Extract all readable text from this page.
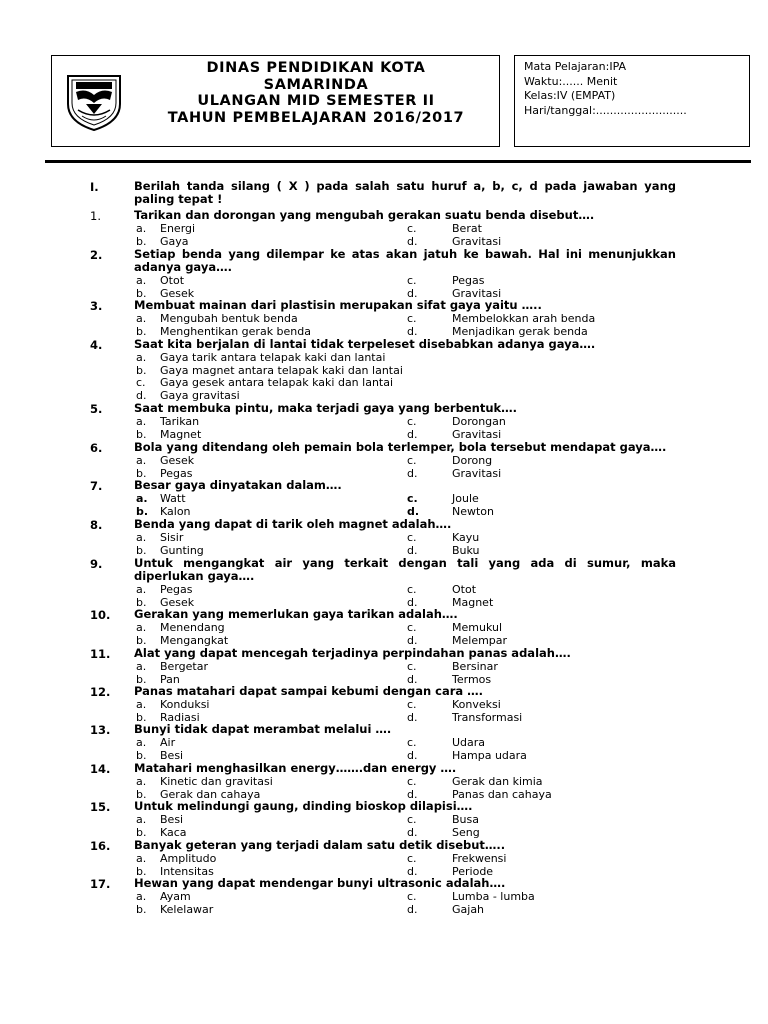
DINAS PENDIDIKAN KOTA
SAMARINDA
ULANGAN MID SEMESTER II
TAHUN PEMBELAJARAN 2016/2017
Mata Pelajaran:IPA
Waktu:...... Menit
Kelas:IV (EMPAT)
Hari/tanggal:..........................
I.	Berilah tanda silang ( X ) pada salah satu huruf a, b, c, d pada jawaban yang paling tepat !
1.	Tarikan dan dorongan yang mengubah gerakan suatu benda disebut….
a. Energi	c.	Berat
b. Gaya	d.	Gravitasi
2.	Setiap benda yang dilempar ke atas akan jatuh ke bawah. Hal ini menunjukkan adanya gaya….
a. Otot	c.	Pegas
b. Gesek	d.	Gravitasi
3.	Membuat mainan dari plastisin merupakan sifat gaya yaitu …..
a. Mengubah bentuk benda	c.	Membelokkan arah benda
b. Menghentikan gerak benda	d.	Menjadikan gerak benda
4.	Saat kita berjalan di lantai tidak terpeleset disebabkan adanya gaya….
a. Gaya tarik antara telapak kaki dan lantai
b. Gaya magnet antara telapak kaki dan lantai
c. Gaya gesek antara telapak kaki dan lantai
d. Gaya gravitasi
5.	Saat membuka pintu, maka terjadi gaya yang berbentuk….
a. Tarikan	c.	Dorongan
b. Magnet	d.	Gravitasi
6.	Bola yang ditendang oleh pemain bola terlemper, bola tersebut mendapat gaya….
a. Gesek	c.	Dorong
b. Pegas	d.	Gravitasi
7.	Besar gaya dinyatakan dalam….
a. Watt	c.	Joule
b. Kalon	d.	Newton
8.	Benda yang dapat di tarik oleh magnet adalah….
a. Sisir	c.	Kayu
b. Gunting	d.	Buku
9.	Untuk mengangkat air yang terkait dengan tali yang ada di sumur, maka diperlukan gaya….
a. Pegas	c.	Otot
b. Gesek	d.	Magnet
10. Gerakan yang memerlukan gaya tarikan adalah….
a. Menendang	c.	Memukul
b. Mengangkat	d.	Melempar
11. Alat yang dapat mencegah terjadinya perpindahan panas adalah….
a. Bergetar	c.	Bersinar
b. Pan	d.	Termos
12. Panas matahari dapat sampai kebumi dengan cara ….
a. Konduksi	c.	Konveksi
b. Radiasi	d.	Transformasi
13. Bunyi tidak dapat merambat melalui ….
a. Air	c.	Udara
b. Besi	d.	Hampa udara
14. Matahari menghasilkan energy…….dan energy ….
a. Kinetic dan gravitasi	c.	Gerak dan kimia
b. Gerak dan cahaya	d.	Panas dan cahaya
15. Untuk melindungi gaung, dinding bioskop dilapisi….
a. Besi	c.	Busa
b. Kaca	d.	Seng
16. Banyak geteran yang terjadi dalam satu detik disebut…..
a. Amplitudo	c.	Frekwensi
b. Intensitas	d.	Periode
17. Hewan yang dapat mendengar bunyi ultrasonic adalah….
a. Ayam	c.	Lumba - lumba
b. Kelelawar	d.	Gajah
